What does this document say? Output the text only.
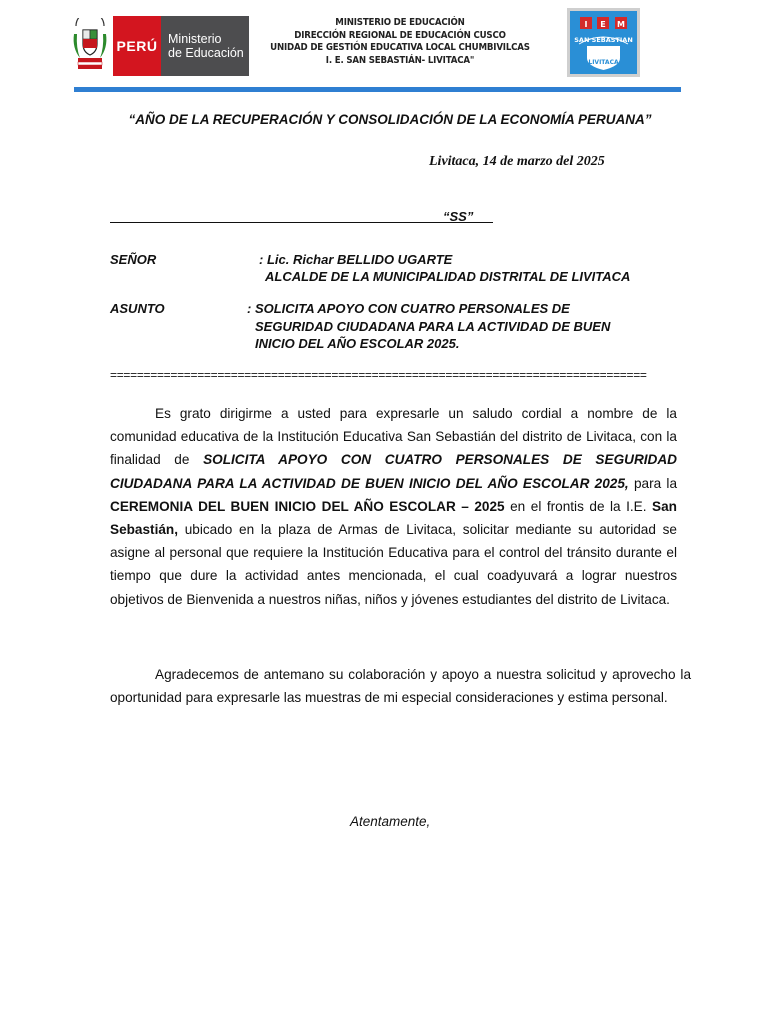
PERÚ Ministerio
de Educación
MINISTERIO DE EDUCACIÓN
DIRECCIÓN REGIONAL DE EDUCACIÓN CUSCO
UNIDAD DE GESTIÓN EDUCATIVA LOCAL CHUMBIVILCAS
I. E. SAN SEBASTIÁN- LIVITACA"
I E M
SAN SEBASTIAN
LIVITACA
“AÑO DE LA RECUPERACIÓN Y CONSOLIDACIÓN DE LA ECONOMÍA PERUANA”
Livitaca, 14 de marzo del 2025
“SS”
SEÑOR	: Lic. Richar BELLIDO UGARTE
ALCALDE DE LA MUNICIPALIDAD DISTRITAL DE LIVITACA
ASUNTO	: SOLICITA APOYO CON CUATRO PERSONALES DE
SEGURIDAD CIUDADANA PARA LA ACTIVIDAD DE BUEN
INICIO DEL AÑO ESCOLAR 2025.
================================================================================
Es grato dirigirme a usted para expresarle un saludo cordial a nombre de la comunidad educativa de la Institución Educativa San Sebastián del distrito de Livitaca, con la finalidad de SOLICITA APOYO CON CUATRO PERSONALES DE SEGURIDAD CIUDADANA PARA LA ACTIVIDAD DE BUEN INICIO DEL AÑO ESCOLAR 2025, para la CEREMONIA DEL BUEN INICIO DEL AÑO ESCOLAR – 2025 en el frontis de la I.E. San Sebastián, ubicado en la plaza de Armas de Livitaca, solicitar mediante su autoridad se asigne al personal que requiere la Institución Educativa para el control del tránsito durante el tiempo que dure la actividad antes mencionada, el cual coadyuvará a lograr nuestros objetivos de Bienvenida a nuestros niñas, niños y jóvenes estudiantes del distrito de Livitaca.
Agradecemos de antemano su colaboración y apoyo a nuestra solicitud y aprovecho la oportunidad para expresarle las muestras de mi especial consideraciones y estima personal.
Atentamente,
